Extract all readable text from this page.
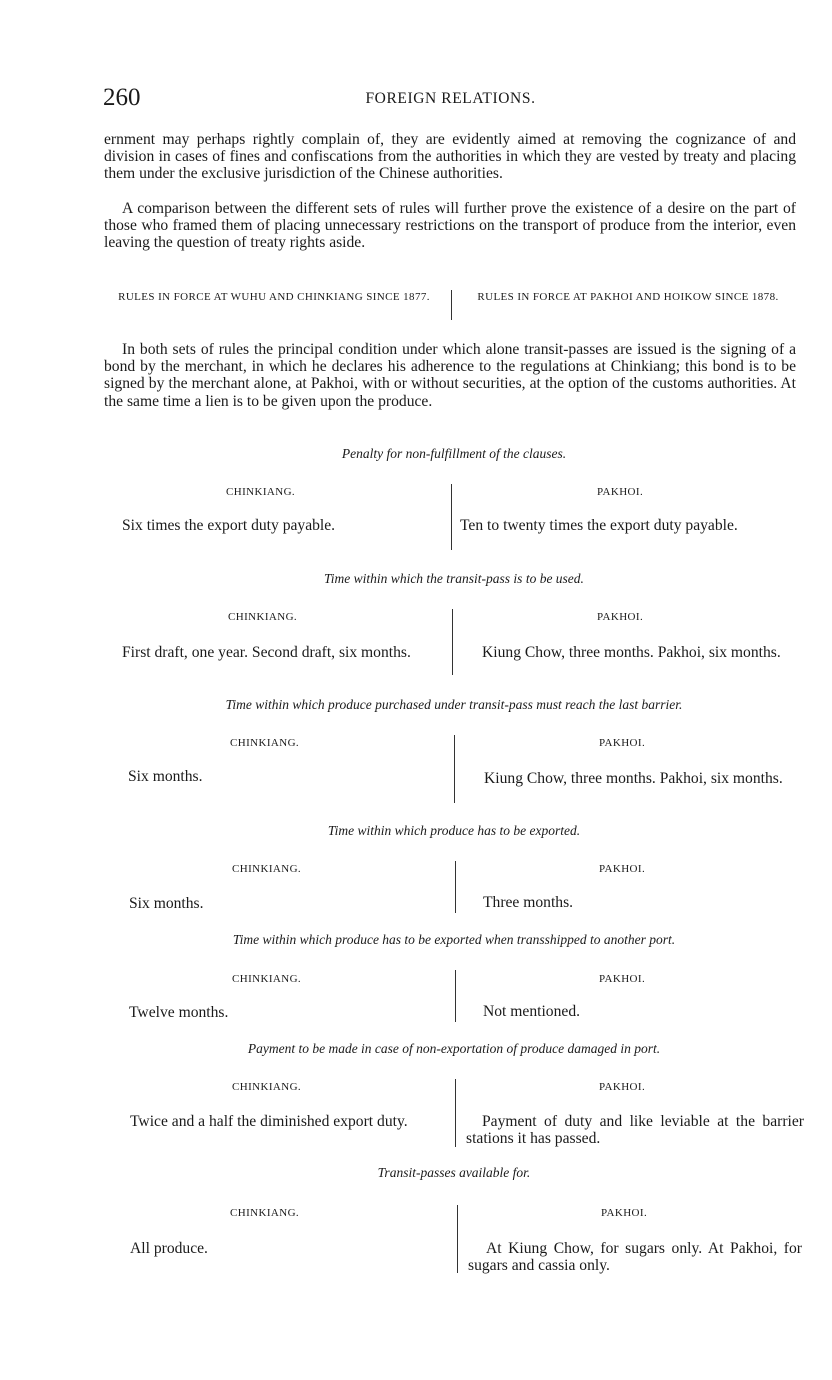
260	FOREIGN RELATIONS.

ernment may perhaps rightly complain of, they are evidently aimed at removing the cognizance of and division in cases of fines and confiscations from the authorities in which they are vested by treaty and placing them under the exclusive jurisdiction of the Chinese authorities.

A comparison between the different sets of rules will further prove the existence of a desire on the part of those who framed them of placing unnecessary restrictions on the transport of produce from the interior, even leaving the question of treaty rights aside.

RULES IN FORCE AT WUHU AND CHINKIANG SINCE 1877.	RULES IN FORCE AT PAKHOI AND HOIKOW SINCE 1878.

In both sets of rules the principal condition under which alone transit-passes are issued is the signing of a bond by the merchant, in which he declares his adherence to the regulations at Chinkiang; this bond is to be signed by the merchant alone, at Pakhoi, with or without securities, at the option of the customs authorities. At the same time a lien is to be given upon the produce.

Penalty for non-fulfillment of the clauses.

CHINKIANG.	PAKHOI.
Six times the export duty payable.	Ten to twenty times the export duty payable.

Time within which the transit-pass is to be used.

CHINKIANG.	PAKHOI.
First draft, one year. Second draft, six months.	Kiung Chow, three months. Pakhoi, six months.

Time within which produce purchased under transit-pass must reach the last barrier.

CHINKIANG.	PAKHOI.
Six months.	Kiung Chow, three months. Pakhoi, six months.

Time within which produce has to be exported.

CHINKIANG.	PAKHOI.
Six months.	Three months.

Time within which produce has to be exported when transshipped to another port.

CHINKIANG.	PAKHOI.
Twelve months.	Not mentioned.

Payment to be made in case of non-exportation of produce damaged in port.

CHINKIANG.	PAKHOI.
Twice and a half the diminished export duty.	Payment of duty and like leviable at the barrier stations it has passed.

Transit-passes available for.

CHINKIANG.	PAKHOI.
All produce.	At Kiung Chow, for sugars only. At Pakhoi, for sugars and cassia only.
